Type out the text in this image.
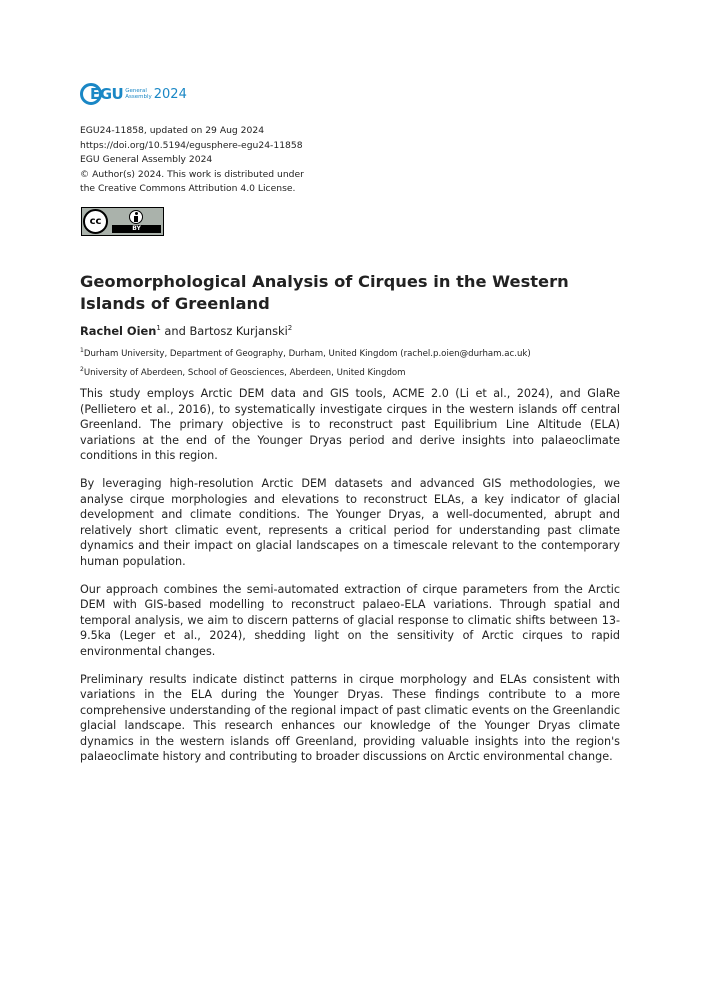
EGU General
Assembly 2024
EGU24-11858, updated on 29 Aug 2024
https://doi.org/10.5194/egusphere-egu24-11858
EGU General Assembly 2024
© Author(s) 2024. This work is distributed under
the Creative Commons Attribution 4.0 License.
cc
BY
Geomorphological Analysis of Cirques in the Western Islands of Greenland
Rachel Oien$^1$ and Bartosz Kurjanski$^2$
$^1$Durham University, Department of Geography, Durham, United Kingdom (rachel.p.oien@durham.ac.uk)
$^2$University of Aberdeen, School of Geosciences, Aberdeen, United Kingdom

This study employs Arctic DEM data and GIS tools, ACME 2.0 (Li et al., 2024), and GlaRe (Pellietero et al., 2016), to systematically investigate cirques in the western islands off central Greenland. The primary objective is to reconstruct past Equilibrium Line Altitude (ELA) variations at the end of the Younger Dryas period and derive insights into palaeoclimate conditions in this region.

By leveraging high-resolution Arctic DEM datasets and advanced GIS methodologies, we analyse cirque morphologies and elevations to reconstruct ELAs, a key indicator of glacial development and climate conditions. The Younger Dryas, a well-documented, abrupt and relatively short climatic event, represents a critical period for understanding past climate dynamics and their impact on glacial landscapes on a timescale relevant to the contemporary human population.

Our approach combines the semi-automated extraction of cirque parameters from the Arctic DEM with GIS-based modelling to reconstruct palaeo-ELA variations. Through spatial and temporal analysis, we aim to discern patterns of glacial response to climatic shifts between 13-9.5ka (Leger et al., 2024), shedding light on the sensitivity of Arctic cirques to rapid environmental changes.

Preliminary results indicate distinct patterns in cirque morphology and ELAs consistent with variations in the ELA during the Younger Dryas. These findings contribute to a more comprehensive understanding of the regional impact of past climatic events on the Greenlandic glacial landscape. This research enhances our knowledge of the Younger Dryas climate dynamics in the western islands off Greenland, providing valuable insights into the region's palaeoclimate history and contributing to broader discussions on Arctic environmental change.
